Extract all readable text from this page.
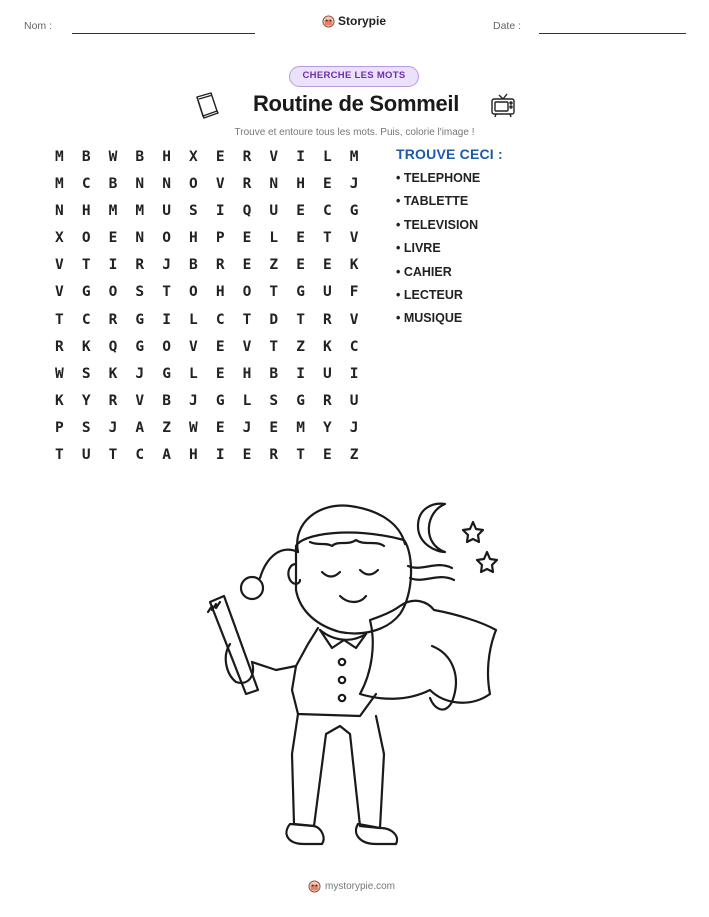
Nom :	Storypie	Date :
CHERCHE LES MOTS
Routine de Sommeil
Trouve et entoure tous les mots. Puis, colorie l'image !
M	B	W	B	H	X	E	R	V	I	L	M
M	C	B	N	N	O	V	R	N	H	E	J
N	H	M	M	U	S	I	Q	U	E	C	G
X	O	E	N	O	H	P	E	L	E	T	V
V	T	I	R	J	B	R	E	Z	E	E	K
V	G	O	S	T	O	H	O	T	G	U	F
T	C	R	G	I	L	C	T	D	T	R	V
R	K	Q	G	O	V	E	V	T	Z	K	C
W	S	K	J	G	L	E	H	B	I	U	I
K	Y	R	V	B	J	G	L	S	G	R	U
P	S	J	A	Z	W	E	J	E	M	Y	J
T	U	T	C	A	H	I	E	R	T	E	Z
TROUVE CECI :
• TELEPHONE
• TABLETTE
• TELEVISION
• LIVRE
• CAHIER
• LECTEUR
• MUSIQUE
mystorypie.com
